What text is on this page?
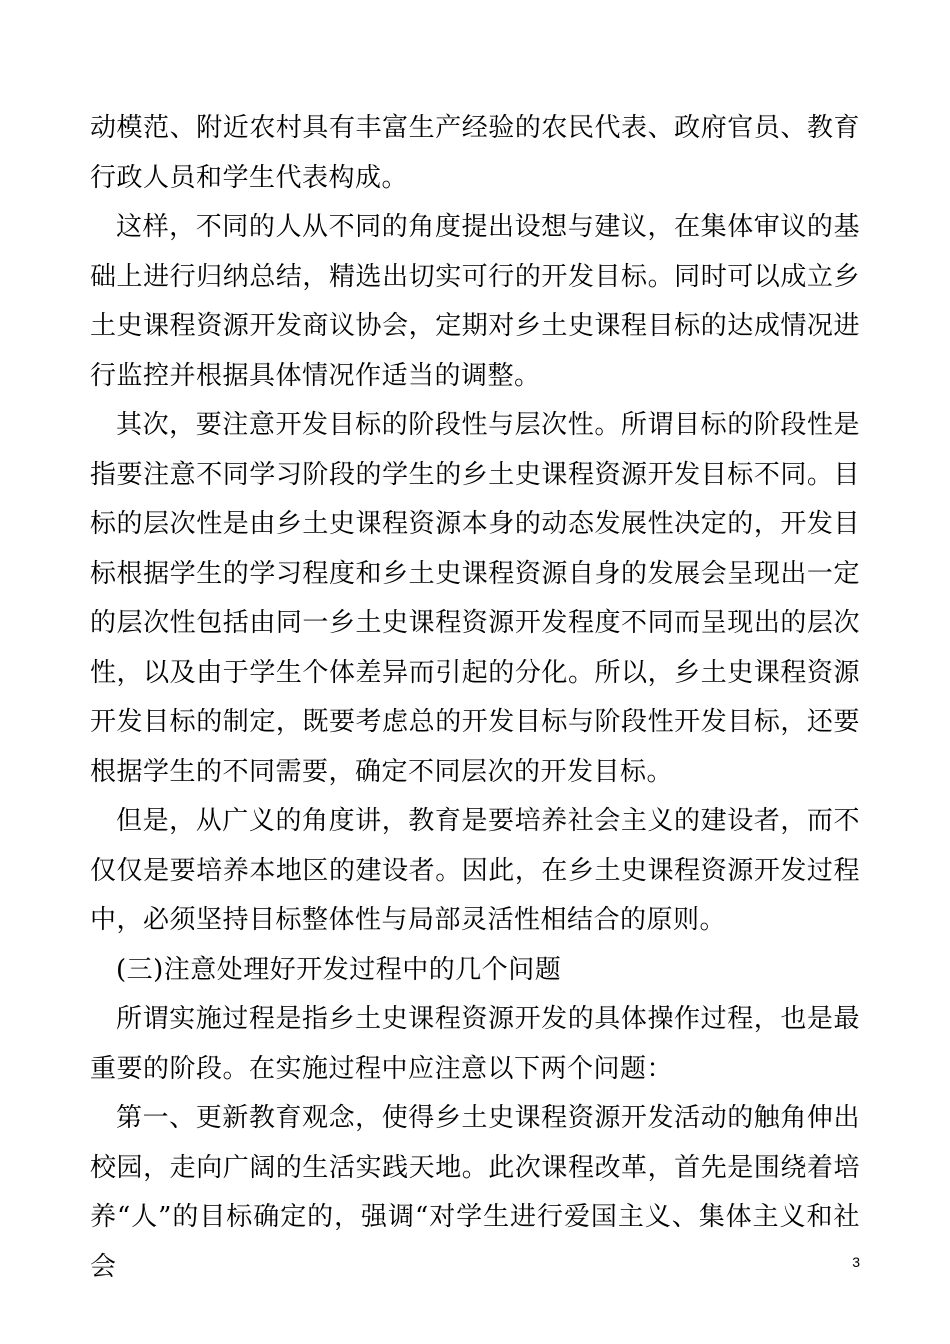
动模范、附近农村具有丰富生产经验的农民代表、政府官员、教育行政人员和学生代表构成。

这样，不同的人从不同的角度提出设想与建议，在集体审议的基础上进行归纳总结，精选出切实可行的开发目标。同时可以成立乡土史课程资源开发商议协会，定期对乡土史课程目标的达成情况进行监控并根据具体情况作适当的调整。

其次，要注意开发目标的阶段性与层次性。所谓目标的阶段性是指要注意不同学习阶段的学生的乡土史课程资源开发目标不同。目标的层次性是由乡土史课程资源本身的动态发展性决定的，开发目标根据学生的学习程度和乡土史课程资源自身的发展会呈现出一定的层次性包括由同一乡土史课程资源开发程度不同而呈现出的层次性，以及由于学生个体差异而引起的分化。所以，乡土史课程资源开发目标的制定，既要考虑总的开发目标与阶段性开发目标，还要根据学生的不同需要，确定不同层次的开发目标。

但是，从广义的角度讲，教育是要培养社会主义的建设者，而不仅仅是要培养本地区的建设者。因此，在乡土史课程资源开发过程中，必须坚持目标整体性与局部灵活性相结合的原则。

(三)注意处理好开发过程中的几个问题

所谓实施过程是指乡土史课程资源开发的具体操作过程，也是最重要的阶段。在实施过程中应注意以下两个问题：

第一、更新教育观念，使得乡土史课程资源开发活动的触角伸出校园，走向广阔的生活实践天地。此次课程改革，首先是围绕着培养“人”的目标确定的，强调“对学生进行爱国主义、集体主义和社会	3
